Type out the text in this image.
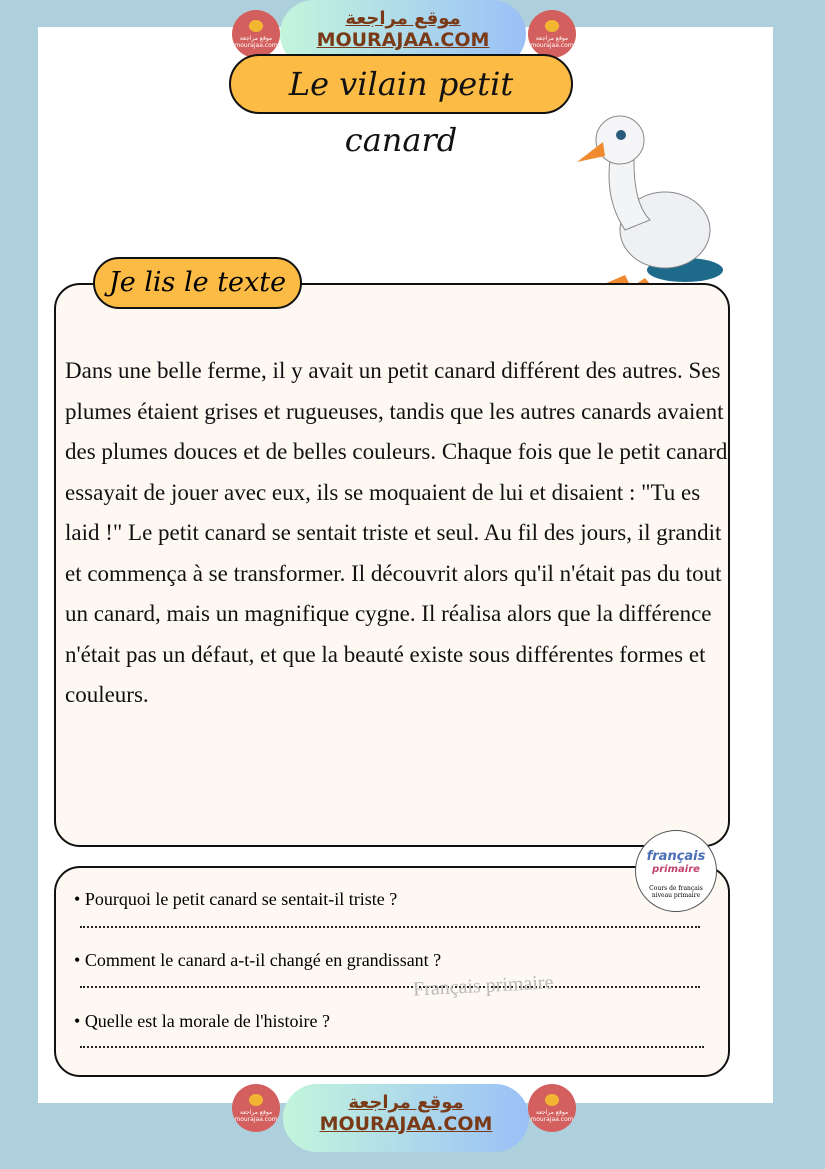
موقع مراجعة
MOURAJAA.COM
موقع مراجعة
mourajaa.com
موقع مراجعة
mourajaa.com
Le vilain petit canard
Je lis le texte
Dans une belle ferme, il y avait un petit canard différent des autres. Ses plumes étaient grises et rugueuses, tandis que les autres canards avaient des plumes douces et de belles couleurs. Chaque fois que le petit canard essayait de jouer avec eux, ils se moquaient de lui et disaient : "Tu es laid !" Le petit canard se sentait triste et seul. Au fil des jours, il grandit et commença à se transformer. Il découvrit alors qu'il n'était pas du tout un canard, mais un magnifique cygne. Il réalisa alors que la différence n'était pas un défaut, et que la beauté existe sous différentes formes et couleurs.
• Pourquoi le petit canard se sentait-il triste ?
• Comment le canard a-t-il changé en grandissant ?
• Quelle est la morale de l'histoire ?
Français primaire
français
primaire
Cours de français niveau primaire
موقع مراجعة
MOURAJAA.COM
موقع مراجعة
mourajaa.com
موقع مراجعة
mourajaa.com
